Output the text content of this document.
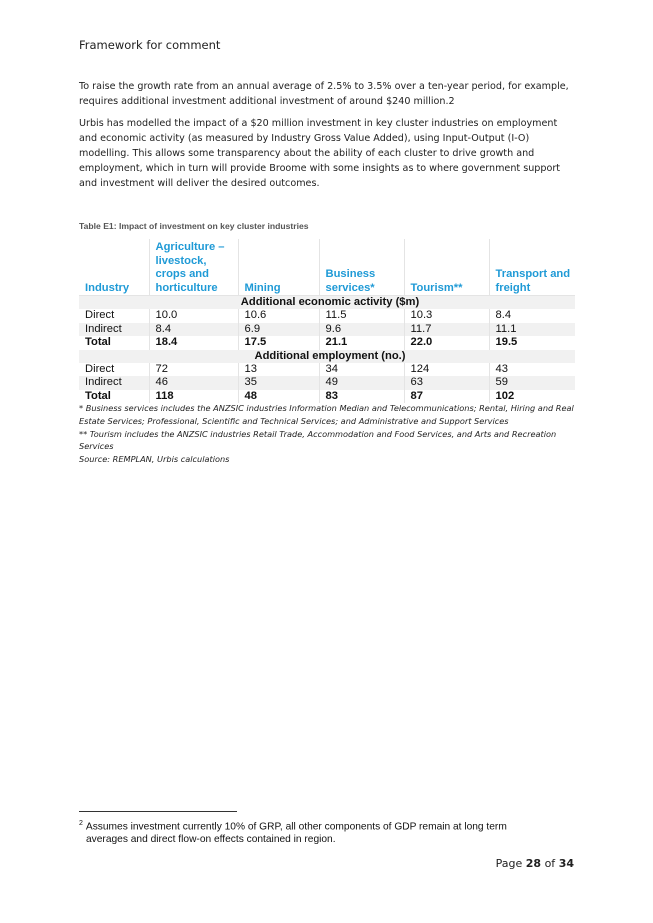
Framework for comment

To raise the growth rate from an annual average of 2.5% to 3.5% over a ten-year period, for example, requires additional investment additional investment of around $240 million.2

Urbis has modelled the impact of a $20 million investment in key cluster industries on employment and economic activity (as measured by Industry Gross Value Added), using Input-Output (I-O) modelling. This allows some transparency about the ability of each cluster to drive growth and employment, which in turn will provide Broome with some insights as to where government support and investment will deliver the desired outcomes.

Table E1: Impact of investment on key cluster industries
Industry	Agriculture – livestock, crops and horticulture	Mining	Business services*	Tourism**	Transport and freight
Additional economic activity ($m)					
Direct	10.0	10.6	11.5	10.3	8.4
Indirect	8.4	6.9	9.6	11.7	11.1
Total	18.4	17.5	21.1	22.0	19.5
Additional employment (no.)					
Direct	72	13	34	124	43
Indirect	46	35	49	63	59
Total	118	48	83	87	102
* Business services includes the ANZSIC industries Information Median and Telecommunications; Rental, Hiring and Real Estate Services; Professional, Scientific and Technical Services; and Administrative and Support Services
** Tourism includes the ANZSIC industries Retail Trade, Accommodation and Food Services, and Arts and Recreation Services
Source: REMPLAN, Urbis calculations
$^2$ Assumes investment currently 10% of GRP, all other components of GDP remain at long term
averages and direct flow-on effects contained in region.
Page 28 of 34
